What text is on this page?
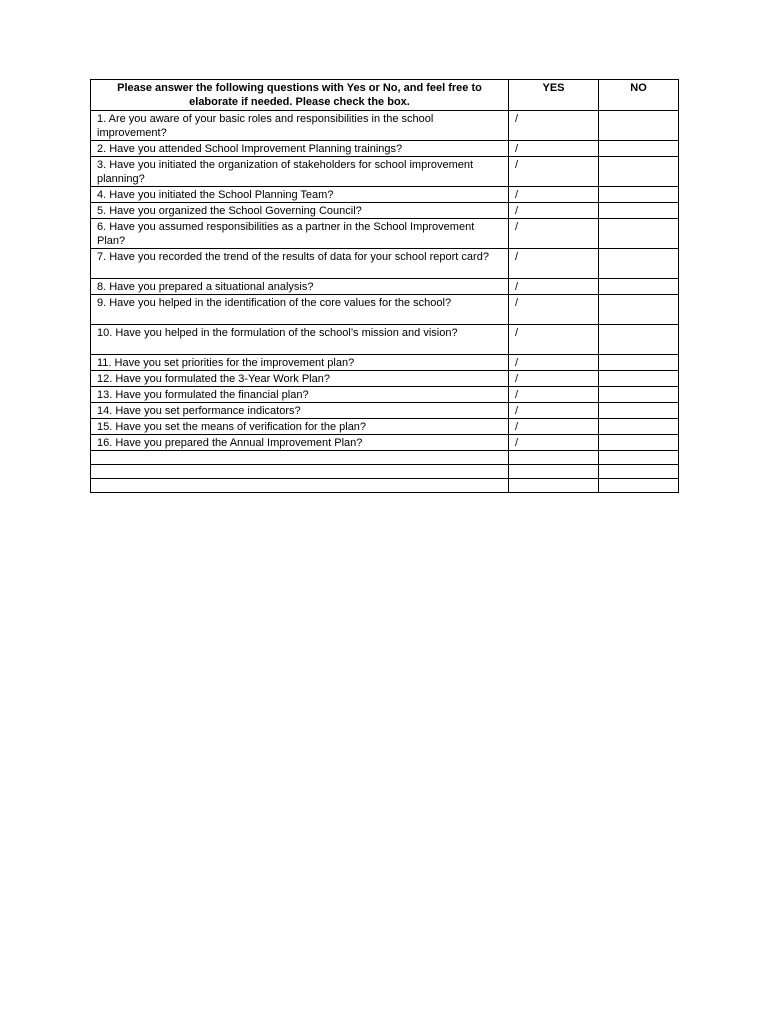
Please answer the following questions with Yes or No, and feel free to elaborate if needed. Please check the box.	YES	NO
1. Are you aware of your basic roles and responsibilities in the school improvement?	/	
2. Have you attended School Improvement Planning trainings?	/	
3. Have you initiated the organization of stakeholders for school improvement planning?	/	
4. Have you initiated the School Planning Team?	/	
5. Have you organized the School Governing Council?	/	
6. Have you assumed responsibilities as a partner in the School Improvement Plan?	/	
7. Have you recorded the trend of the results of data for your school report card?	/	
8. Have you prepared a situational analysis?	/	
9. Have you helped in the identification of the core values for the school?	/	
10. Have you helped in the formulation of the school’s mission and vision?	/	
11. Have you set priorities for the improvement plan?	/	
12. Have you formulated the 3-Year Work Plan?	/	
13. Have you formulated the financial plan?	/	
14. Have you set performance indicators?	/	
15. Have you set the means of verification for the plan?	/	
16. Have you prepared the Annual Improvement Plan?	/	
